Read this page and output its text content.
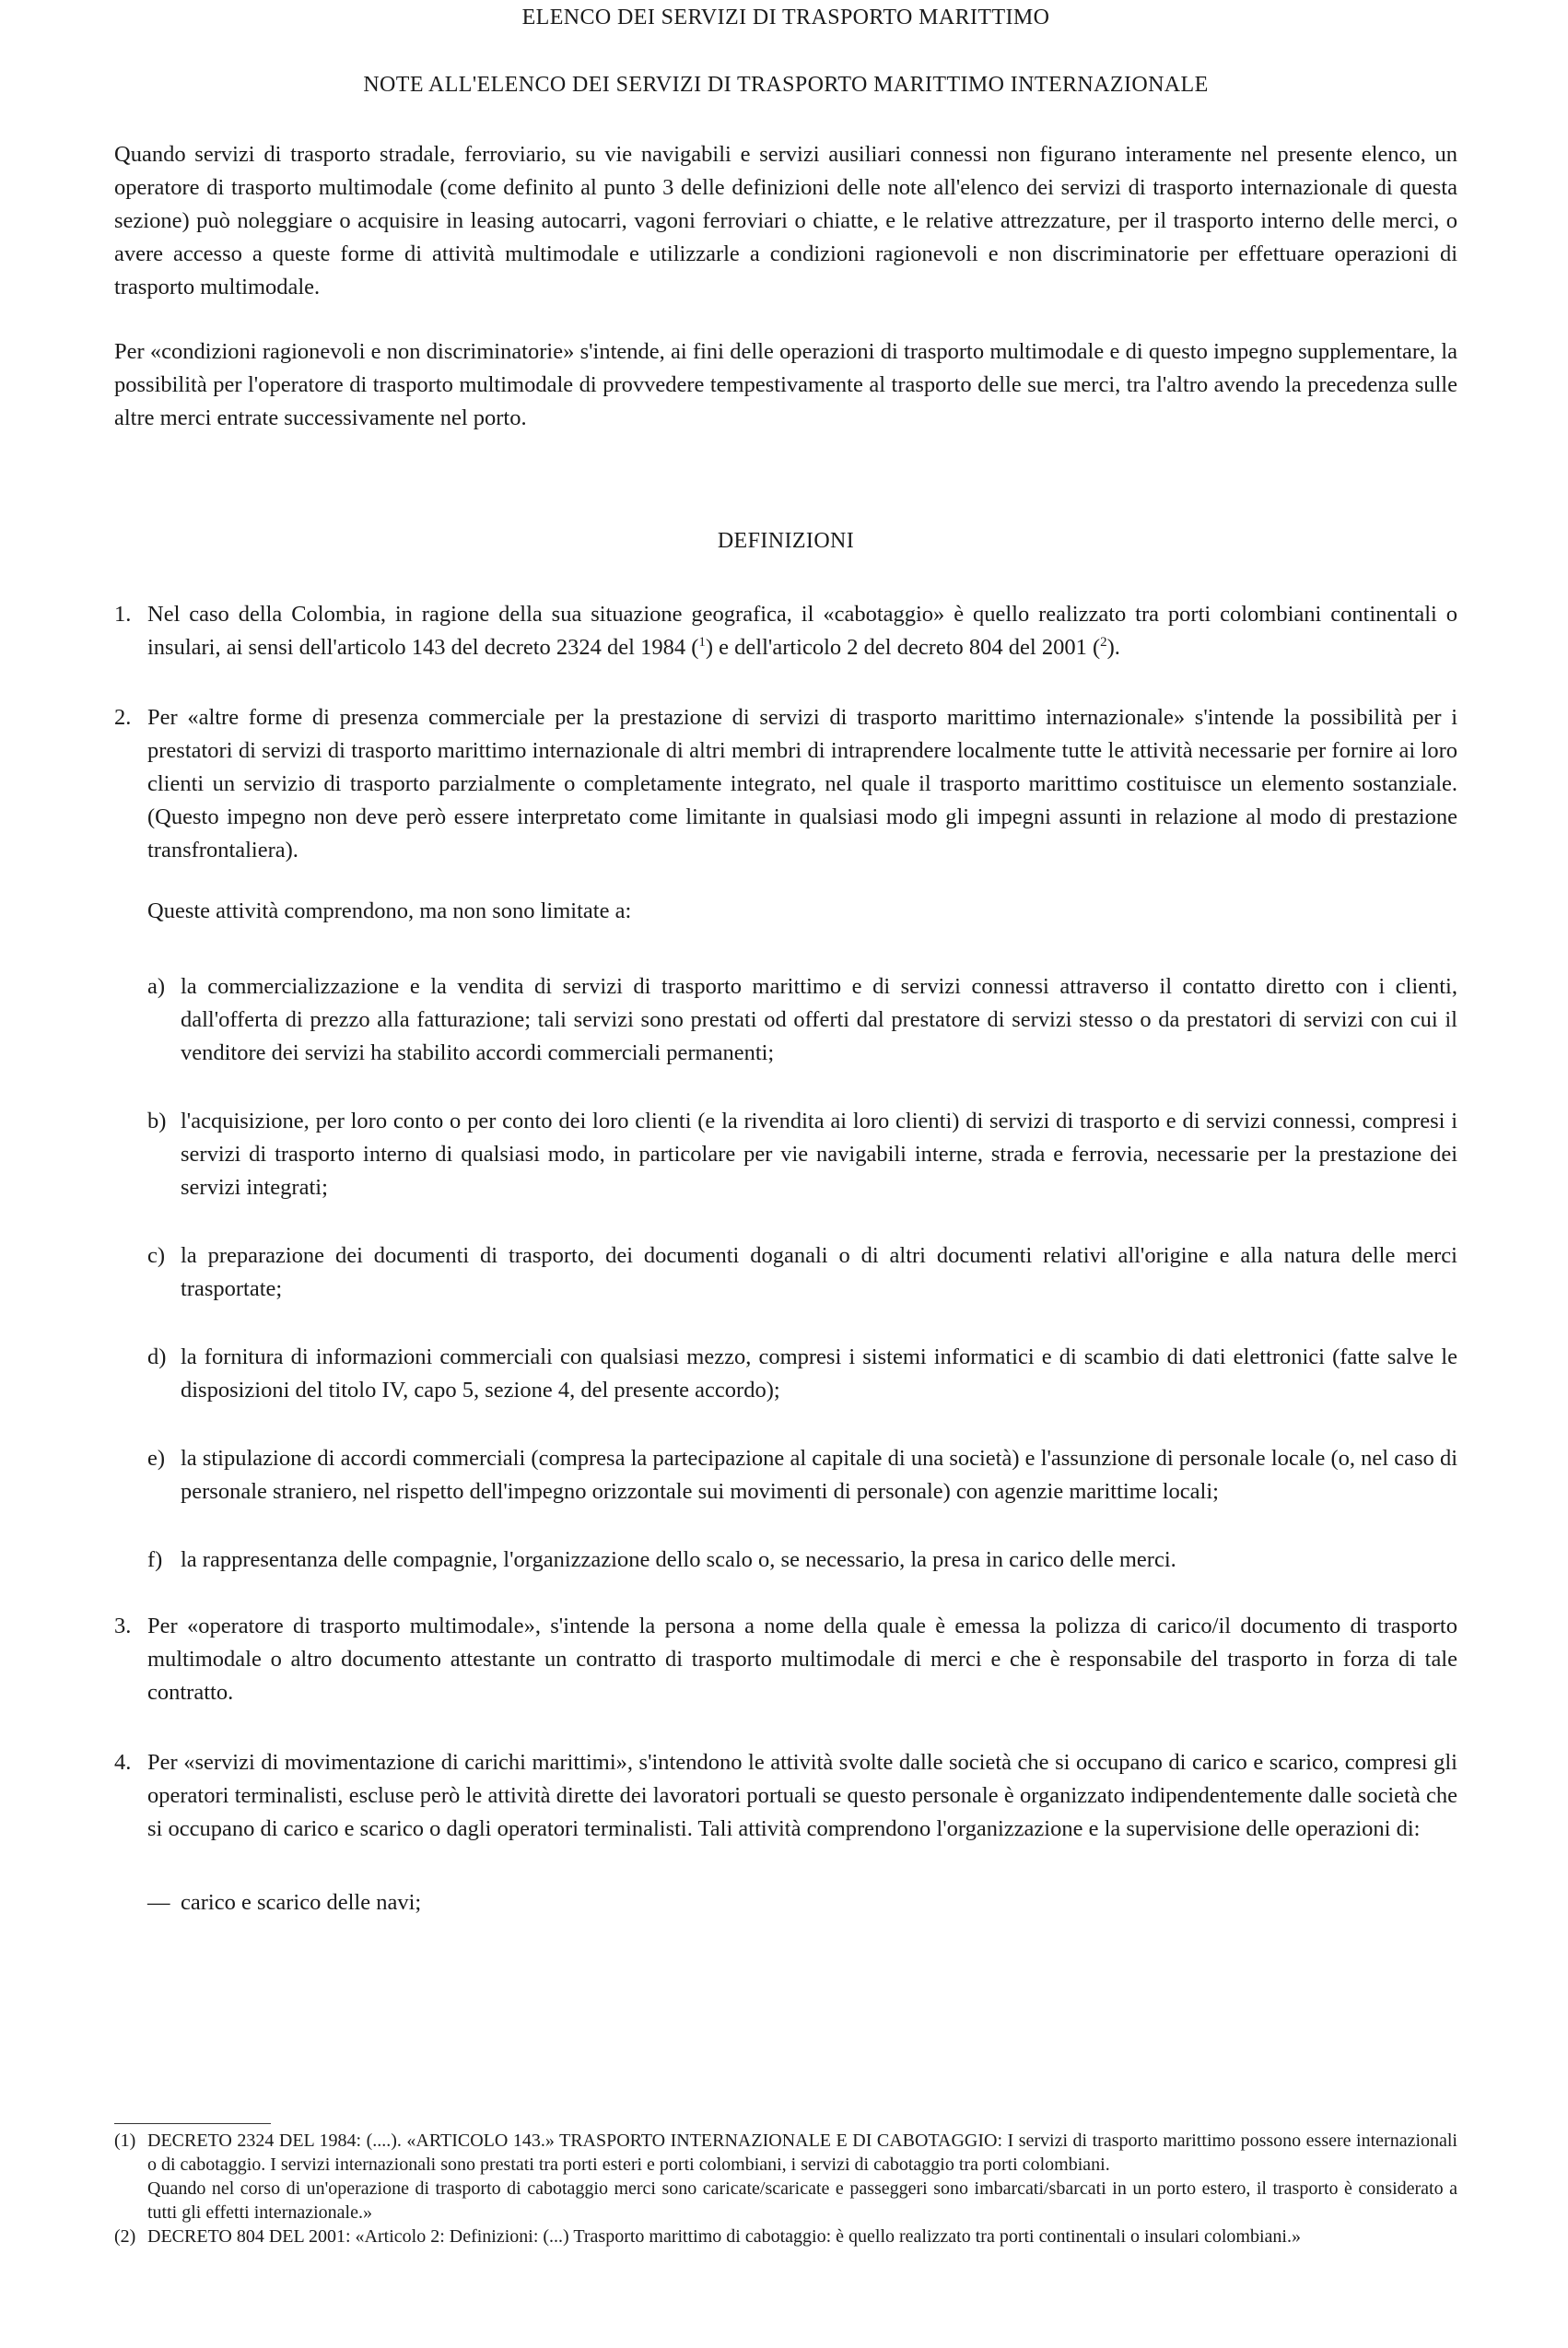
ELENCO DEI SERVIZI DI TRASPORTO MARITTIMO
NOTE ALL'ELENCO DEI SERVIZI DI TRASPORTO MARITTIMO INTERNAZIONALE

Quando servizi di trasporto stradale, ferroviario, su vie navigabili e servizi ausiliari connessi non figurano interamente nel presente elenco, un operatore di trasporto multimodale (come definito al punto 3 delle definizioni delle note all'elenco dei servizi di trasporto internazionale di questa sezione) può noleggiare o acquisire in leasing autocarri, vagoni ferroviari o chiatte, e le relative attrezzature, per il trasporto interno delle merci, o avere accesso a queste forme di attività multimodale e utilizzarle a condizioni ragionevoli e non discriminatorie per effettuare operazioni di trasporto multimodale.

Per «condizioni ragionevoli e non discriminatorie» s'intende, ai fini delle operazioni di trasporto multimodale e di questo impegno supplementare, la possibilità per l'operatore di trasporto multimodale di provvedere tempestivamente al trasporto delle sue merci, tra l'altro avendo la precedenza sulle altre merci entrate successivamente nel porto.

DEFINIZIONI
1. Nel caso della Colombia, in ragione della sua situazione geografica, il «cabotaggio» è quello realizzato tra porti colombiani continentali o insulari, ai sensi dell'articolo 143 del decreto 2324 del 1984 ($^1$) e dell'articolo 2 del decreto 804 del 2001 ($^2$).
2. Per «altre forme di presenza commerciale per la prestazione di servizi di trasporto marittimo internazionale» s'intende la possibilità per i prestatori di servizi di trasporto marittimo internazionale di altri membri di intraprendere localmente tutte le attività necessarie per fornire ai loro clienti un servizio di trasporto parzialmente o completamente integrato, nel quale il trasporto marittimo costituisce un elemento sostanziale. (Questo impegno non deve però essere interpretato come limitante in qualsiasi modo gli impegni assunti in relazione al modo di prestazione transfrontaliera).

Queste attività comprendono, ma non sono limitate a:

a) la commercializzazione e la vendita di servizi di trasporto marittimo e di servizi connessi attraverso il contatto diretto con i clienti, dall'offerta di prezzo alla fatturazione; tali servizi sono prestati od offerti dal prestatore di servizi stesso o da prestatori di servizi con cui il venditore dei servizi ha stabilito accordi commerciali permanenti;
b) l'acquisizione, per loro conto o per conto dei loro clienti (e la rivendita ai loro clienti) di servizi di trasporto e di servizi connessi, compresi i servizi di trasporto interno di qualsiasi modo, in particolare per vie navigabili interne, strada e ferrovia, necessarie per la prestazione dei servizi integrati;
c) la preparazione dei documenti di trasporto, dei documenti doganali o di altri documenti relativi all'origine e alla natura delle merci trasportate;
d) la fornitura di informazioni commerciali con qualsiasi mezzo, compresi i sistemi informatici e di scambio di dati elettronici (fatte salve le disposizioni del titolo IV, capo 5, sezione 4, del presente accordo);
e) la stipulazione di accordi commerciali (compresa la partecipazione al capitale di una società) e l'assunzione di personale locale (o, nel caso di personale straniero, nel rispetto dell'impegno orizzontale sui movimenti di personale) con agenzie marittime locali;
f) la rappresentanza delle compagnie, l'organizzazione dello scalo o, se necessario, la presa in carico delle merci.
3. Per «operatore di trasporto multimodale», s'intende la persona a nome della quale è emessa la polizza di carico/il documento di trasporto multimodale o altro documento attestante un contratto di trasporto multimodale di merci e che è responsabile del trasporto in forza di tale contratto.
4. Per «servizi di movimentazione di carichi marittimi», s'intendono le attività svolte dalle società che si occupano di carico e scarico, compresi gli operatori terminalisti, escluse però le attività dirette dei lavoratori portuali se questo personale è organizzato indipendentemente dalle società che si occupano di carico e scarico o dagli operatori terminalisti. Tali attività comprendono l'organizzazione e la supervisione delle operazioni di:
— carico e scarico delle navi;
(1) DECRETO 2324 DEL 1984: (....). «ARTICOLO 143.» TRASPORTO INTERNAZIONALE E DI CABOTAGGIO: I servizi di trasporto marittimo possono essere internazionali o di cabotaggio. I servizi internazionali sono prestati tra porti esteri e porti colombiani, i servizi di cabotaggio tra porti colombiani.
Quando nel corso di un'operazione di trasporto di cabotaggio merci sono caricate/scaricate e passeggeri sono imbarcati/sbarcati in un porto estero, il trasporto è considerato a tutti gli effetti internazionale.»
(2) DECRETO 804 DEL 2001: «Articolo 2: Definizioni: (...) Trasporto marittimo di cabotaggio: è quello realizzato tra porti continentali o insulari colombiani.»
